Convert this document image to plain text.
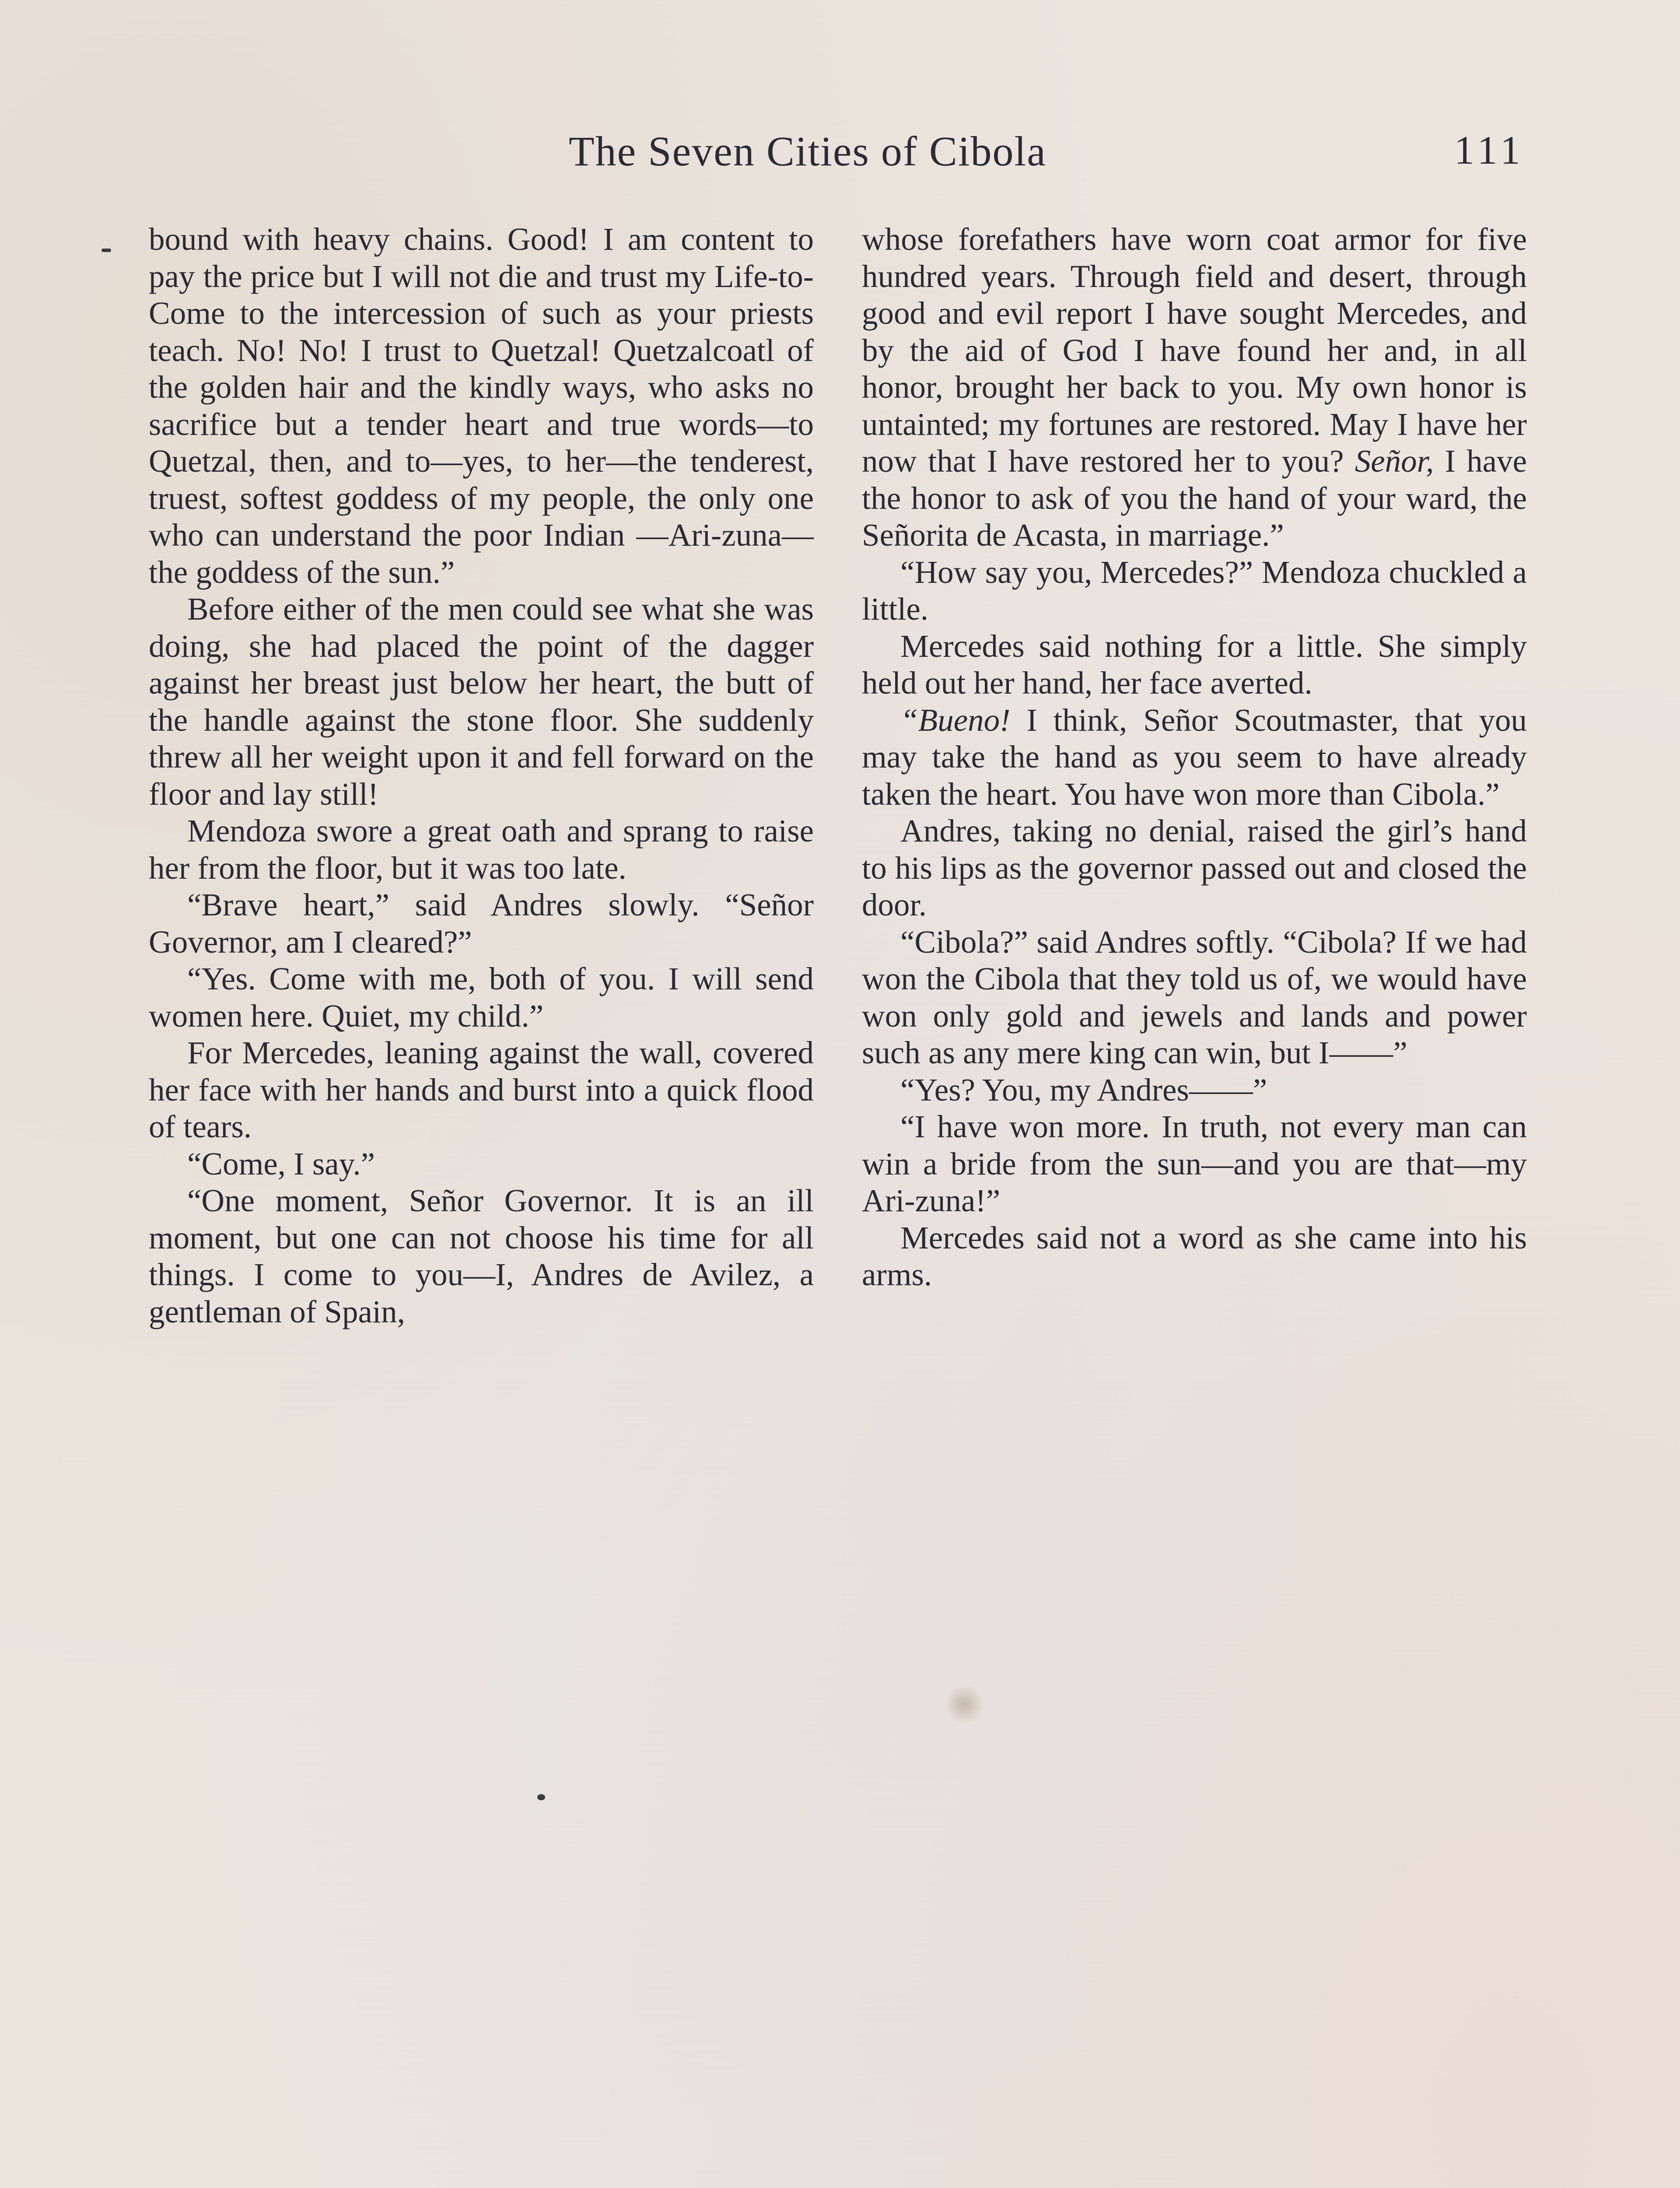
The Seven Cities of Cibola	111

bound with heavy chains. Good! I am content to pay the price but I will not die and trust my Life-to-Come to the intercession of such as your priests teach. No! No! I trust to Quetzal! Quetzalcoatl of the golden hair and the kindly ways, who asks no sacrifice but a tender heart and true words—to Quetzal, then, and to—yes, to her—the tenderest, truest, softest goddess of my people, the only one who can understand the poor Indian —Ari-zuna—the goddess of the sun.”

Before either of the men could see what she was doing, she had placed the point of the dagger against her breast just below her heart, the butt of the handle against the stone floor. She suddenly threw all her weight upon it and fell forward on the floor and lay still!

Mendoza swore a great oath and sprang to raise her from the floor, but it was too late.

“Brave heart,” said Andres slowly. “Señor Governor, am I cleared?”

“Yes. Come with me, both of you. I will send women here. Quiet, my child.”

For Mercedes, leaning against the wall, covered her face with her hands and burst into a quick flood of tears.

“Come, I say.”

“One moment, Señor Governor. It is an ill moment, but one can not choose his time for all things. I come to you—I, Andres de Avilez, a gentleman of Spain,

whose forefathers have worn coat armor for five hundred years. Through field and desert, through good and evil report I have sought Mercedes, and by the aid of God I have found her and, in all honor, brought her back to you. My own honor is untainted; my fortunes are restored. May I have her now that I have restored her to you? Señor, I have the honor to ask of you the hand of your ward, the Señorita de Acasta, in marriage.”

“How say you, Mercedes?” Mendoza chuckled a little.

Mercedes said nothing for a little. She simply held out her hand, her face averted.

“Bueno! I think, Señor Scoutmaster, that you may take the hand as you seem to have already taken the heart. You have won more than Cibola.”

Andres, taking no denial, raised the girl’s hand to his lips as the governor passed out and closed the door.

“Cibola?” said Andres softly. “Cibola? If we had won the Cibola that they told us of, we would have won only gold and jewels and lands and power such as any mere king can win, but I——”

“Yes? You, my Andres——”

“I have won more. In truth, not every man can win a bride from the sun—and you are that—my Ari-zuna!”

Mercedes said not a word as she came into his arms.
